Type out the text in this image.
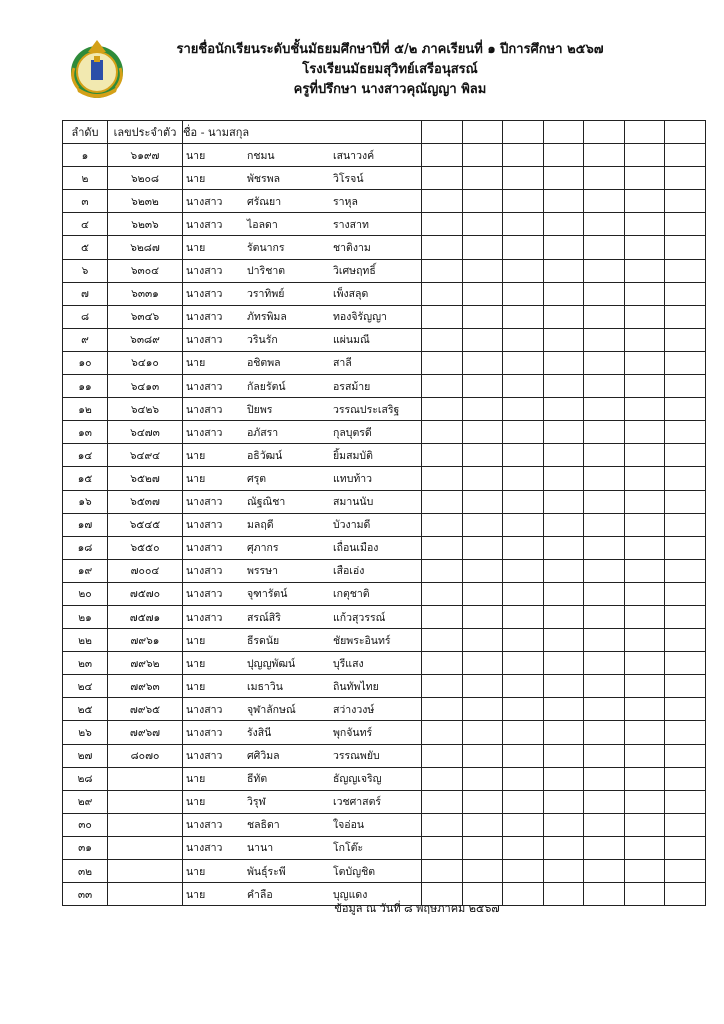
รายชื่อนักเรียนระดับชั้นมัธยมศึกษาปีที่ ๕/๒ ภาคเรียนที่ ๑ ปีการศึกษา ๒๕๖๗
โรงเรียนมัธยมสุวิทย์เสรีอนุสรณ์
ครูที่ปรึกษา นางสาวคุณัญญา พิลม
ลำดับ	เลขประจำตัว	ชื่อ - นามสกุล							
๑	๖๑๙๗	นาย กชมน เสนาวงค์							

๒	๖๒๐๘	นาย พัชรพล วิโรจน์							

๓	๖๒๓๒	นางสาว ศรัณยา ราหุล							

๔	๖๒๓๖	นางสาว ไอลดา รางสาท							

๕	๖๒๘๗	นาย รัตนากร ชาติงาม							

๖	๖๓๐๔	นางสาว ปาริชาต วิเศษฤทธิ์							

๗	๖๓๓๑	นางสาว วราทิพย์ เพ็งสลุด							

๘	๖๓๔๖	นางสาว ภัทรพิมล ทองจิรัญญา							

๙	๖๓๘๙	นางสาว วรินรัก แผ่นมณี							

๑๐	๖๔๑๐	นาย อชิตพล สาลี							

๑๑	๖๔๑๓	นางสาว กัลยรัตน์ อรสม้าย							

๑๒	๖๔๒๖	นางสาว ปิยพร วรรณประเสริฐ							

๑๓	๖๔๗๓	นางสาว อภัสรา กุลบุตรดี							

๑๔	๖๔๙๔	นาย อธิวัฒน์ ยิ้มสมบัติ							

๑๕	๖๕๒๗	นาย ศรุต แทบท้าว							

๑๖	๖๕๓๗	นางสาว ณัฐณิชา สมานนับ							

๑๗	๖๕๔๕	นางสาว มลฤดี บัวงามดี							

๑๘	๖๕๕๐	นางสาว ศุภากร เถื่อนเมือง							

๑๙	๗๐๐๔	นางสาว พรรษา เสือเอ่ง							

๒๐	๗๕๗๐	นางสาว จุฑารัตน์ เกตุชาติ							

๒๑	๗๕๗๑	นางสาว สรณ์สิริ แก้วสุวรรณ์							

๒๒	๗๙๖๑	นาย ธีรดนัย ชัยพระอินทร์							

๒๓	๗๙๖๒	นาย ปุญญพัฒน์ บุรีแสง							

๒๔	๗๙๖๓	นาย เมธาวิน ถินทัพไทย							

๒๕	๗๙๖๕	นางสาว จุฬาลักษณ์ สว่างวงษ์							

๒๖	๗๙๖๗	นางสาว รังสินี พุกจันทร์							

๒๗	๘๐๗๐	นางสาว ศศิวิมล วรรณพยับ							

๒๘		นาย ธีทัต ธัญญเจริญ							

๒๙		นาย วิรุฬ เวชศาสตร์							

๓๐		นางสาว ชลธิดา ใจอ่อน							

๓๑		นางสาว นานา โกโต๊ะ							

๓๒		นาย พันธุ์ระพี โตบัญชิต							

๓๓		นาย คำลือ บุญแดง							

ข้อมูล ณ วันที่ ๘ พฤษภาคม ๒๕๖๗
